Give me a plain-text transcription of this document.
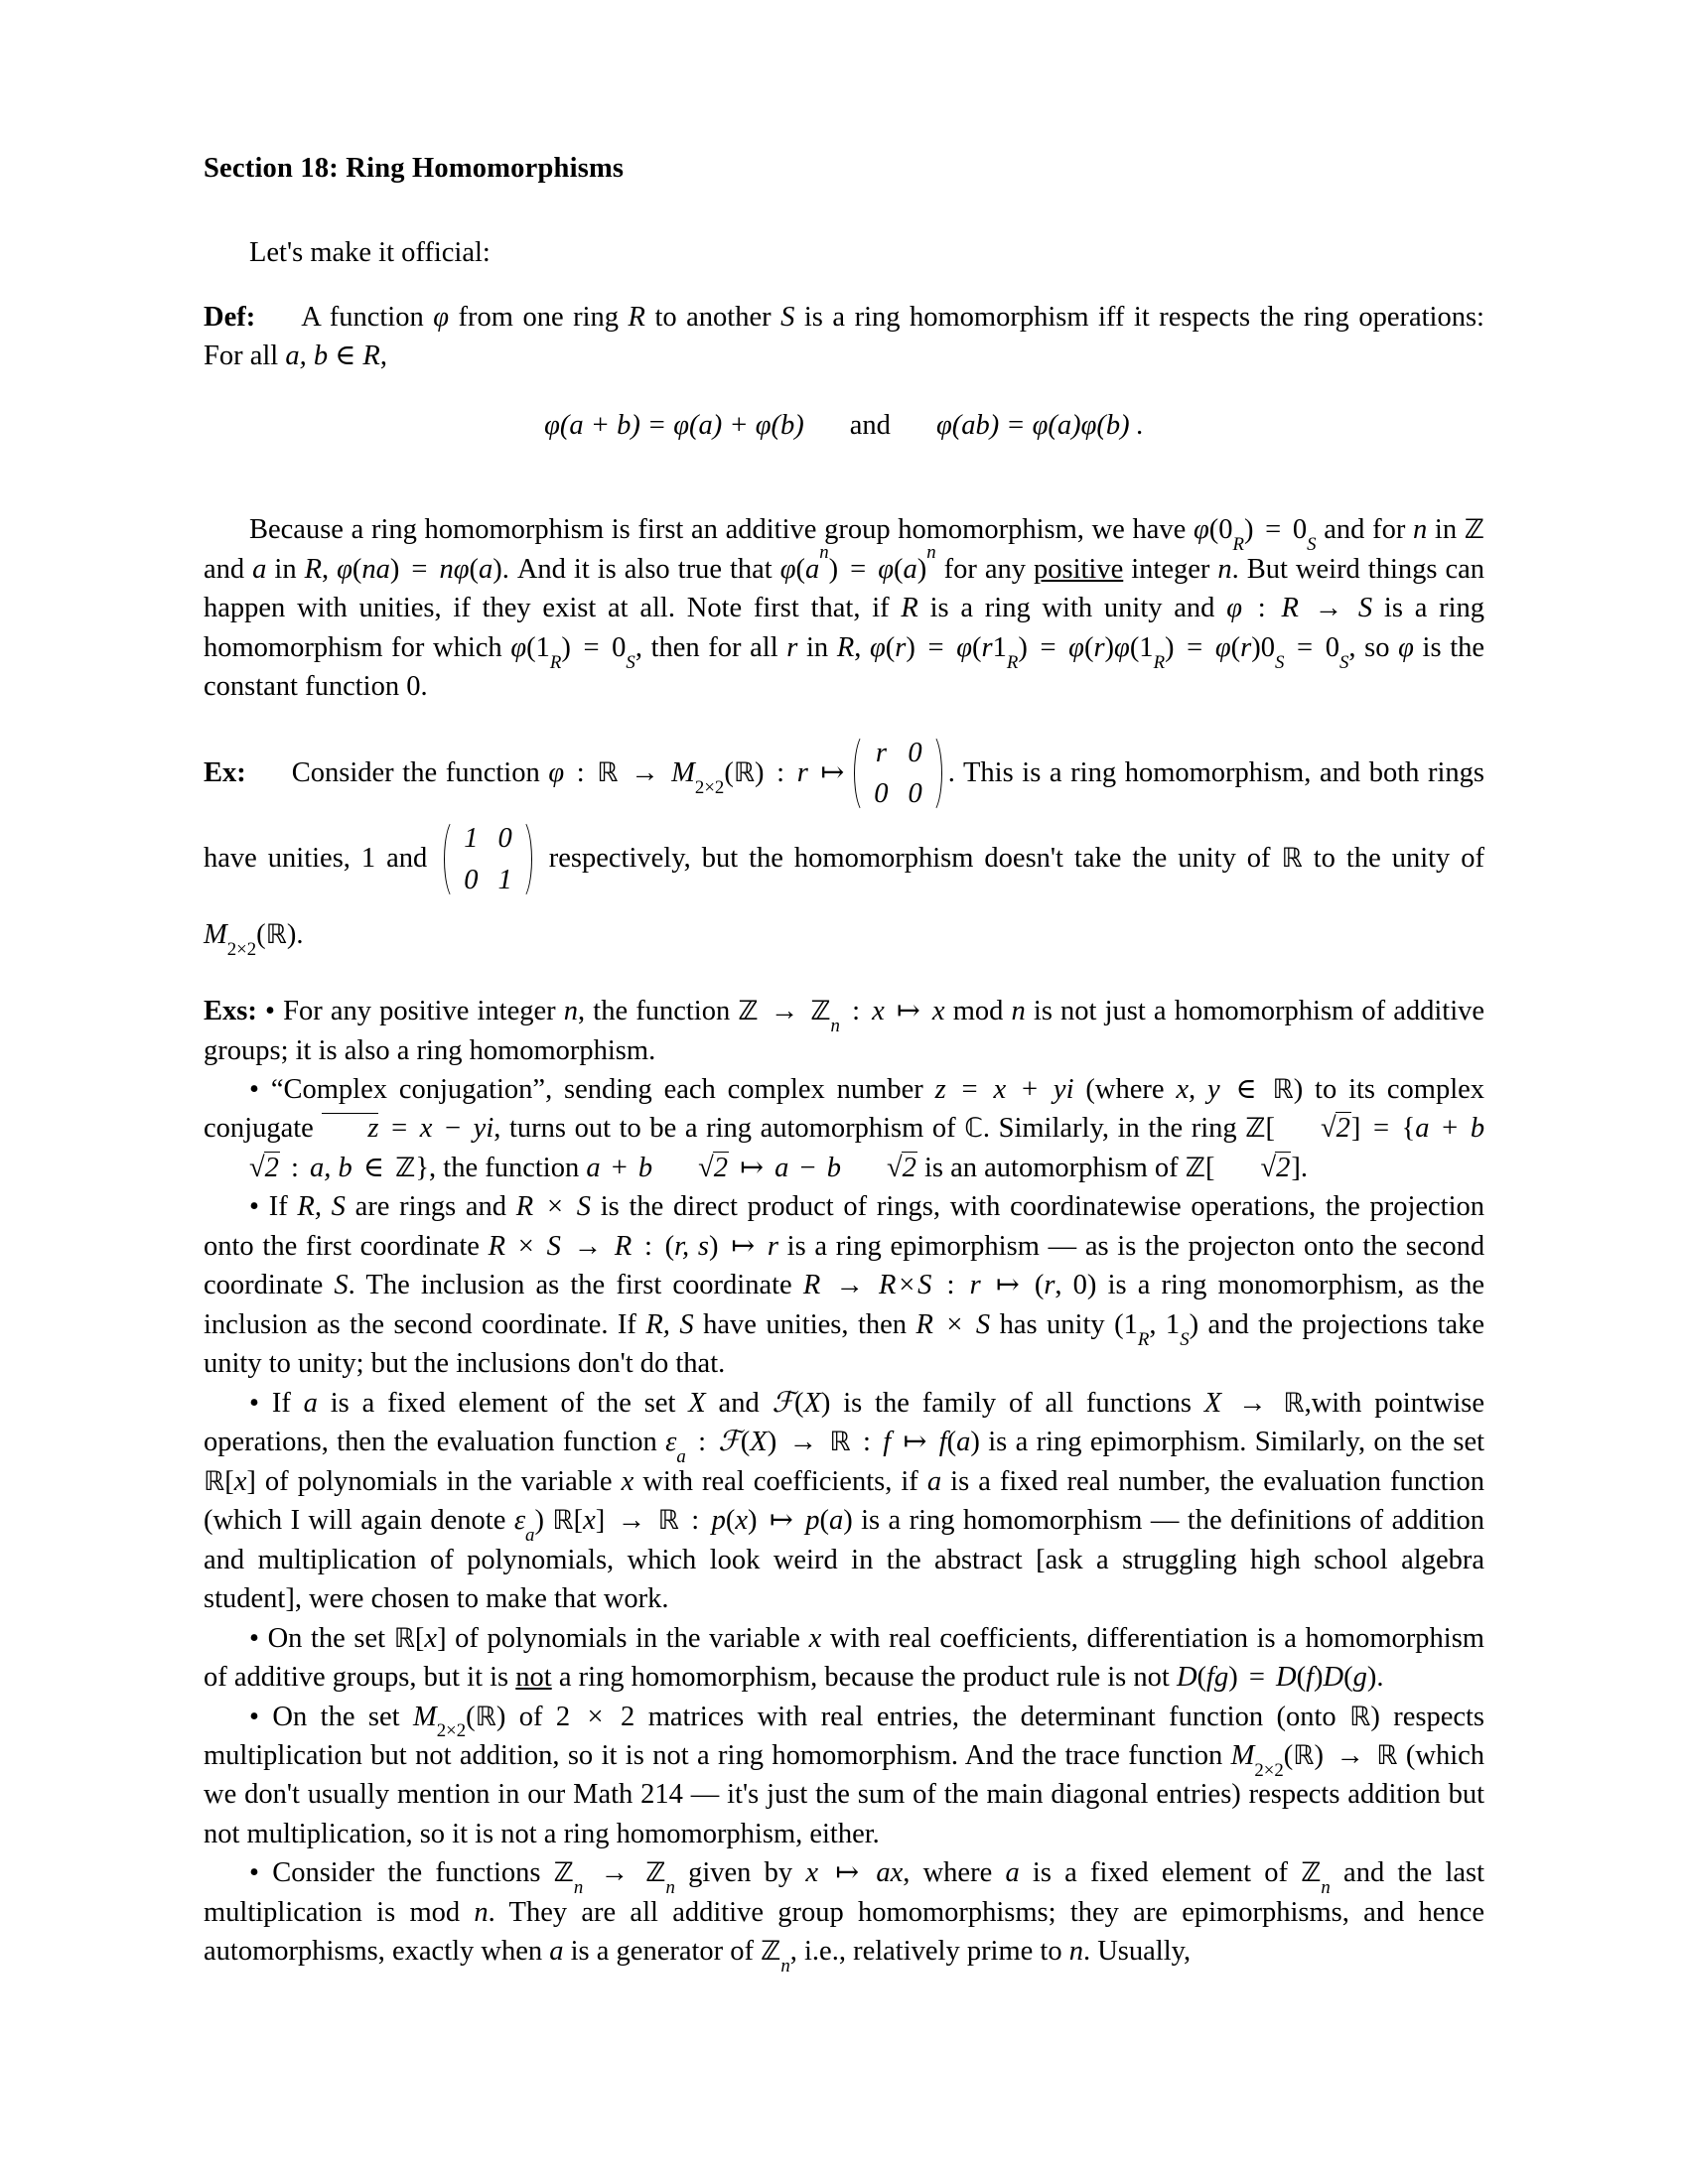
Section 18: Ring Homomorphisms

Let's make it official:

Def: A function φ from one ring R to another S is a ring homomorphism iff it respects the ring operations: For all a, b ∈ R,

φ(a + b) = φ(a) + φ(b) and φ(ab) = φ(a)φ(b) .

Because a ring homomorphism is first an additive group homomorphism, we have $\varphi(0_R) = 0_S$ and for n in ℤ and a in R, φ(na) = nφ(a). And it is also true that $\varphi(a^n) = \varphi(a)^n$ for any positive integer n. But weird things can happen with unities, if they exist at all. Note first that, if R is a ring with unity and φ : R → S is a ring homomorphism for which $\varphi(1_R) = 0_S$, then for all r in R, $\varphi(r) = \varphi(r1_R) = \varphi(r)\varphi(1_R) = \varphi(r)0_S = 0_S$, so φ is the constant function 0.

Ex: Consider the function φ : ℝ → $M_{2\times 2}(ℝ)$ : r ↦
r 0
0 0
. This is a ring homomorphism, and both rings have unities, 1 and
1 0
0 1
respectively, but the homomorphism doesn't take the unity of ℝ to the unity of $M_{2\times 2}(ℝ)$.

Exs: • For any positive integer n, the function ℤ → ℤ$_n$ : x ↦ x mod n is not just a homomorphism of additive groups; it is also a ring homomorphism.

• “Complex conjugation”, sending each complex number z = x + yi (where x, y ∈ ℝ) to its complex conjugate z = x − yi, turns out to be a ring automorphism of ℂ. Similarly, in the ring ℤ[ √2] = {a + b√2 : a, b ∈ ℤ}, the function a + b √2 ↦ a − b √2 is an automorphism of ℤ[ √2].

• If R, S are rings and R × S is the direct product of rings, with coordinatewise operations, the projection onto the first coordinate R × S → R : (r, s) ↦ r is a ring epimorphism — as is the projecton onto the second coordinate S. The inclusion as the first coordinate R → R×S : r ↦ (r, 0) is a ring monomorphism, as the inclusion as the second coordinate. If R, S have unities, then R × S has unity ($1_R$, $1_S$) and the projections take unity to unity; but the inclusions don't do that.

• If a is a fixed element of the set X and ℱ(X) is the family of all functions X → ℝ,with pointwise operations, then the evaluation function $\varepsilon_a$ : ℱ(X) → ℝ : f ↦ f(a) is a ring epimorphism. Similarly, on the set ℝ[x] of polynomials in the variable x with real coefficients, if a is a fixed real number, the evaluation function (which I will again denote $\varepsilon_a$) ℝ[x] → ℝ : p(x) ↦ p(a) is a ring homomorphism — the definitions of addition and multiplication of polynomials, which look weird in the abstract [ask a struggling high school algebra student], were chosen to make that work.

• On the set ℝ[x] of polynomials in the variable x with real coefficients, differentiation is a homomorphism of additive groups, but it is not a ring homomorphism, because the product rule is not D(fg) = D(f)D(g).

• On the set $M_{2\times 2}(ℝ)$ of 2 × 2 matrices with real entries, the determinant function (onto ℝ) respects multiplication but not addition, so it is not a ring homomorphism. And the trace function $M_{2\times 2}(ℝ)$ → ℝ (which we don't usually mention in our Math 214 — it's just the sum of the main diagonal entries) respects addition but not multiplication, so it is not a ring homomorphism, either.

• Consider the functions ℤ$_n$ → ℤ$_n$ given by x ↦ ax, where a is a fixed element of ℤ$_n$ and the last multiplication is mod n. They are all additive group homomorphisms; they are epimorphisms, and hence automorphisms, exactly when a is a generator of ℤ$_n$, i.e., relatively prime to n. Usually,
